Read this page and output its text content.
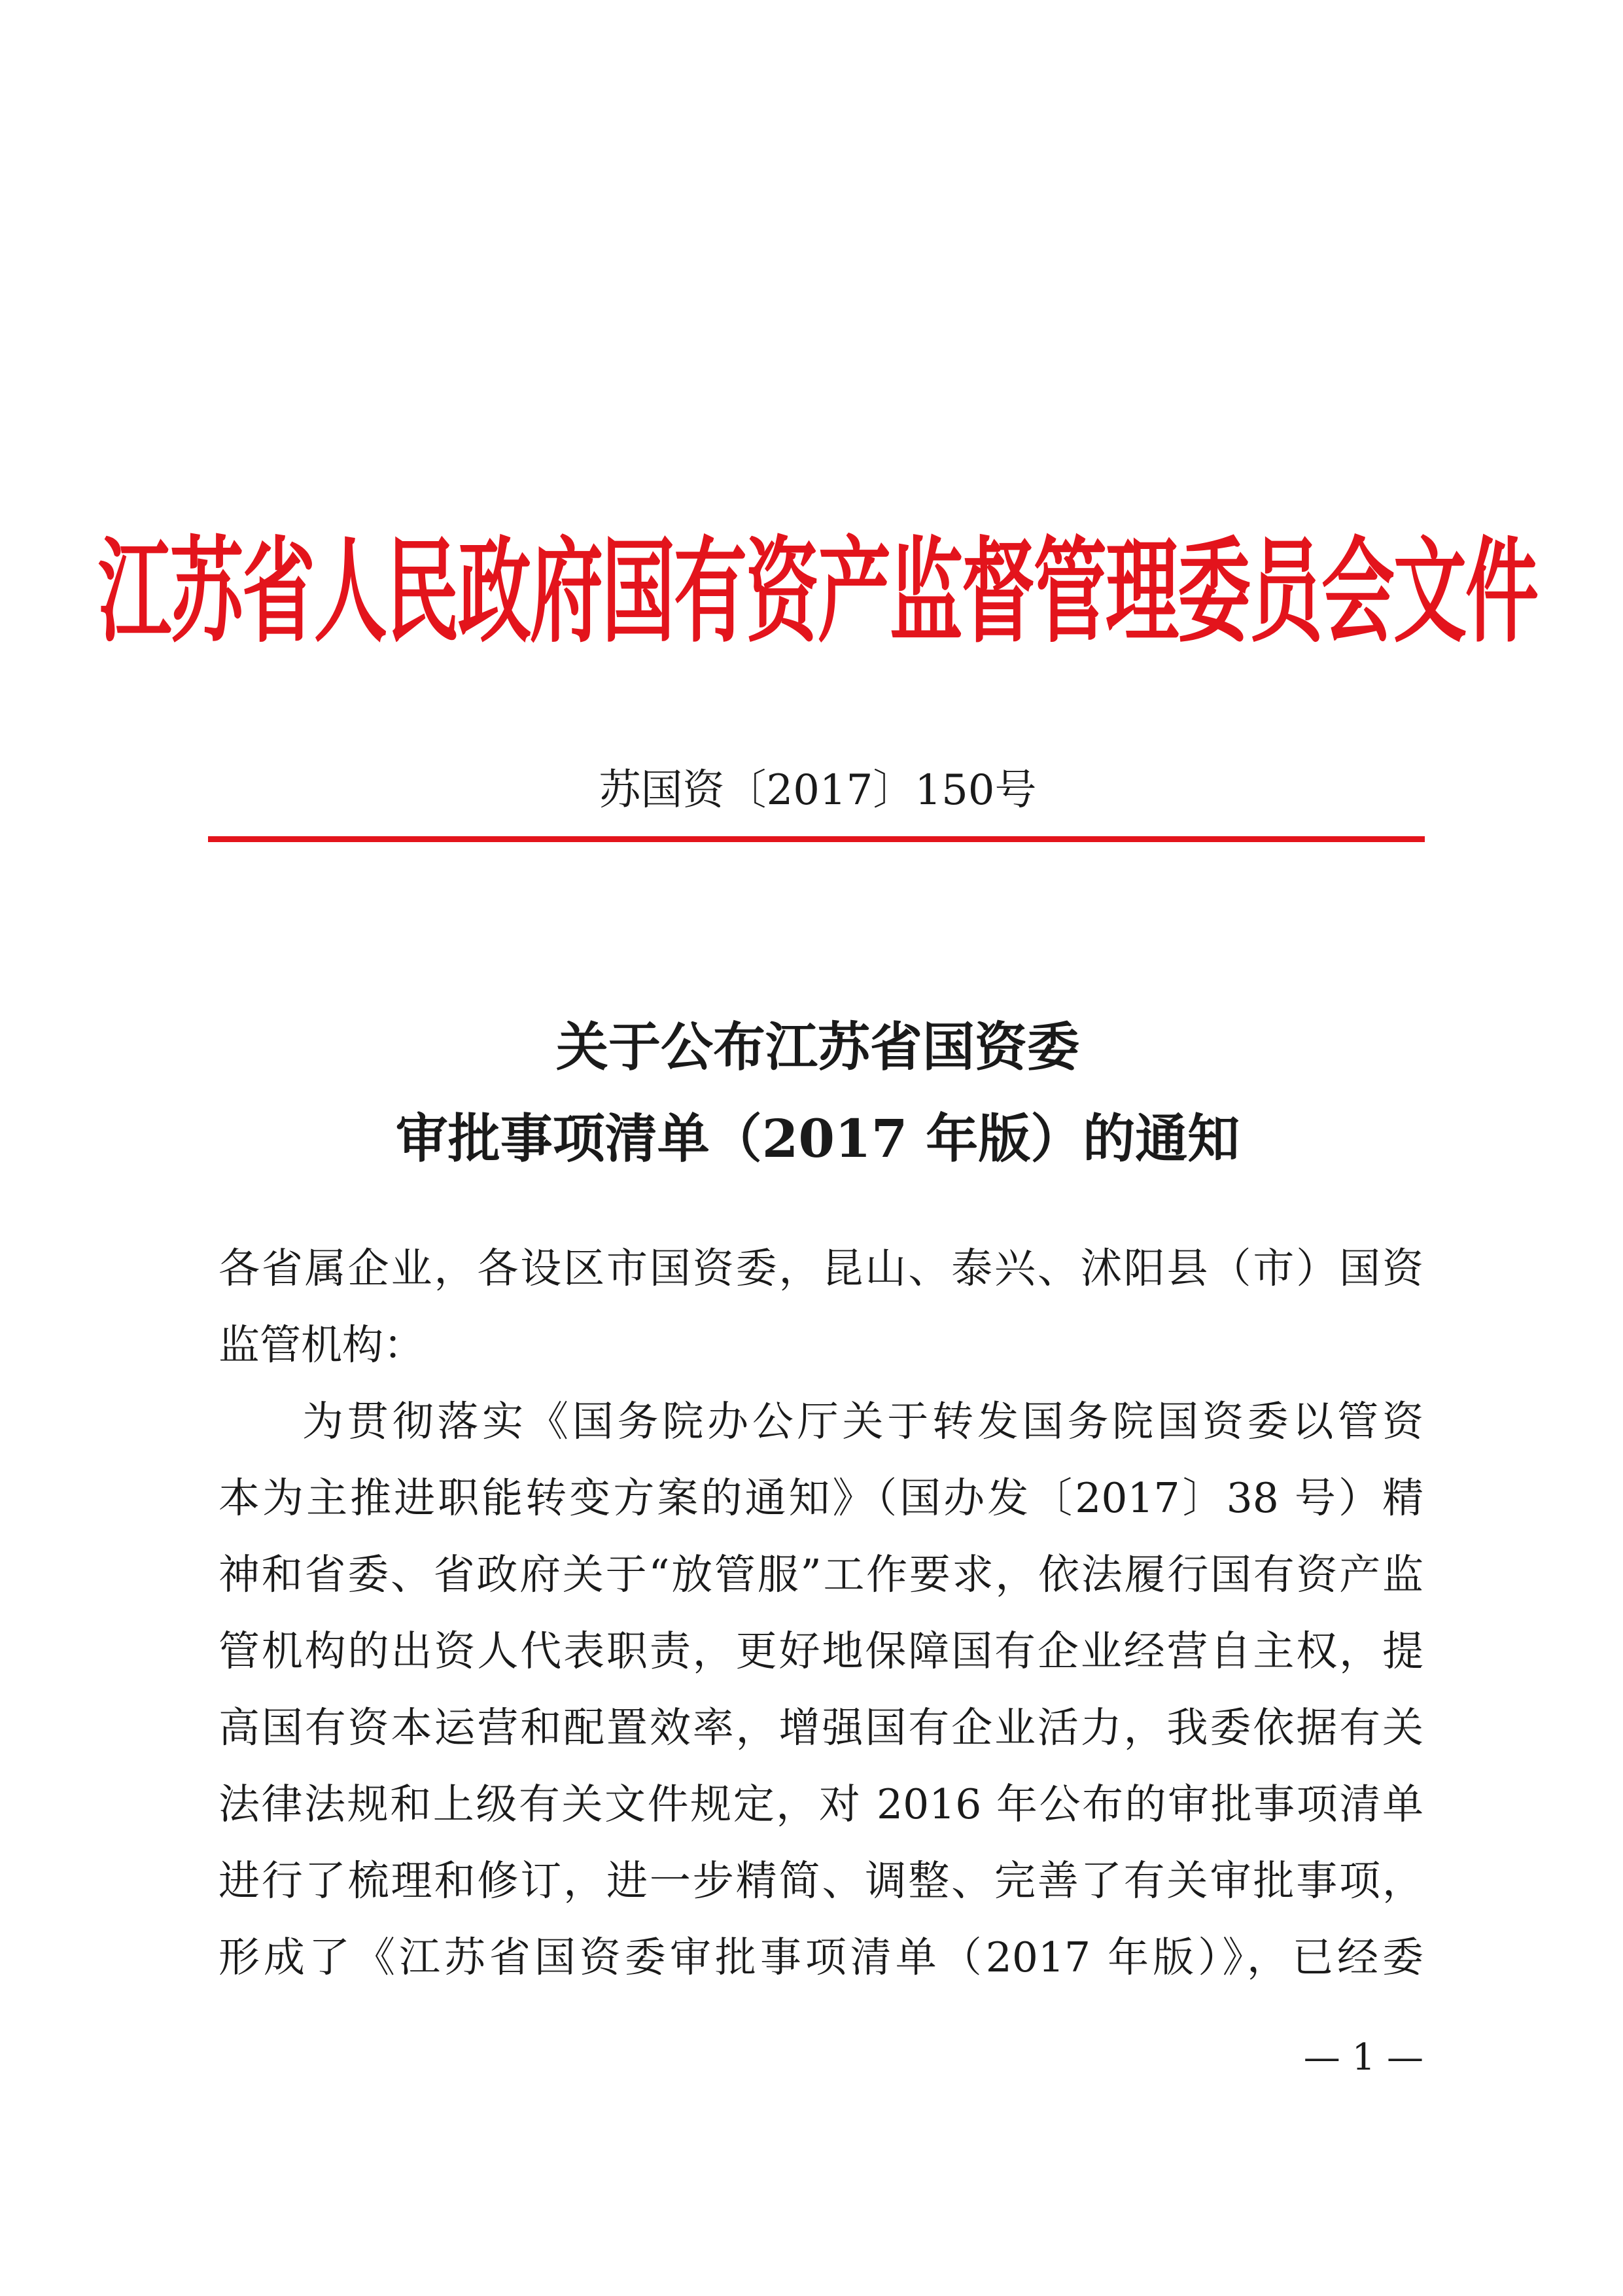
江苏省人民政府国有资产监督管理委员会文件
苏国资〔2017〕150号
关于公布江苏省国资委
审批事项清单（2017 年版）的通知
各省属企业，各设区市国资委，昆山、泰兴、沭阳县（市）国资
监管机构：
为贯彻落实《国务院办公厅关于转发国务院国资委以管资
本为主推进职能转变方案的通知》（国办发〔2017〕38 号）精
神和省委、省政府关于“放管服”工作要求，依法履行国有资产监
管机构的出资人代表职责，更好地保障国有企业经营自主权，提
高国有资本运营和配置效率，增强国有企业活力，我委依据有关
法律法规和上级有关文件规定，对 2016 年公布的审批事项清单
进行了梳理和修订，进一步精简、调整、完善了有关审批事项，
形成了《江苏省国资委审批事项清单（2017 年版）》，已经委
— 1 —
